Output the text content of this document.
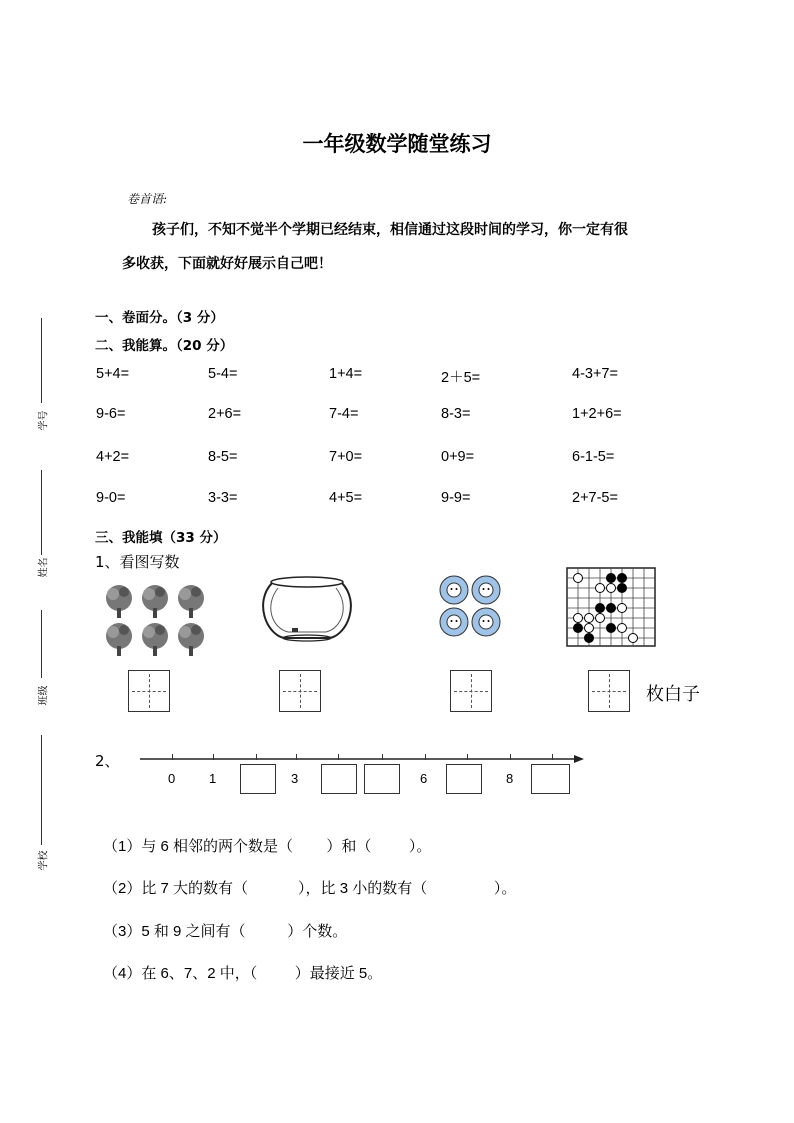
一年级数学随堂练习
卷首语:
孩子们，不知不觉半个学期已经结束，相信通过这段时间的学习，你一定有很
多收获，下面就好好展示自己吧！
学号
姓名
班级
学校
一、卷面分。（3 分）
二、我能算。（20 分）
5+4=	5-4=	1+4=	2＋5=	4-3+7=
9-6=	2+6=	7-4=	8-3=	1+2+6=
4+2=	8-5=	7+0=	0+9=	6-1-5=
9-0=	3-3=	4+5=	9-9=	2+7-5=
三、我能填（33 分）
1、看图写数
枚白子
2、
0	1	3	6	8
（1）与 6 相邻的两个数是（        ）和（         ）。
（2）比 7 大的数有（            ），比 3 小的数有（                ）。
（3）5 和 9 之间有（          ）个数。
（4）在 6、7、2 中，（         ）最接近 5。
